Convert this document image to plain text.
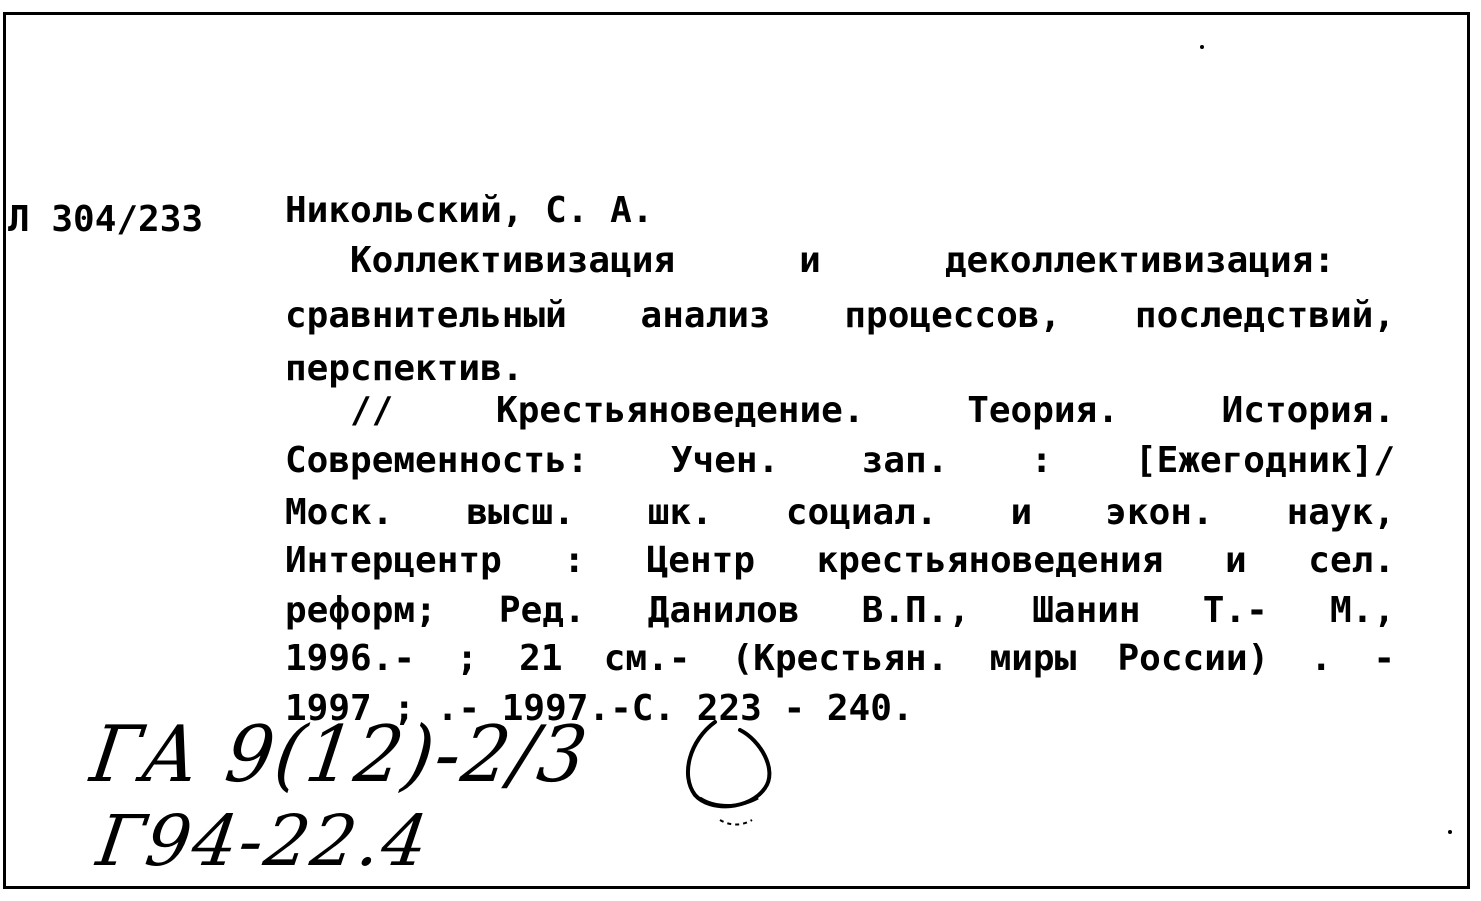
Л 304/233 Никольский, С. А.
Коллективизация и деколлективизация:
сравнительный анализ процессов, последствий,
перспектив.
// Крестьяноведение. Теория. История.
Современность: Учен. зап. : [Ежегодник]/
Моск. высш. шк. социал. и экон. наук,
Интерцентр : Центр крестьяноведения и сел.
реформ; Ред. Данилов В.П., Шанин Т.- М.,
1996.- ; 21 см.- (Крестьян. миры России) . -
1997 ; .- 1997.-С. 223 - 240.
ГА 9(12)-2/3
Г94-22.4
